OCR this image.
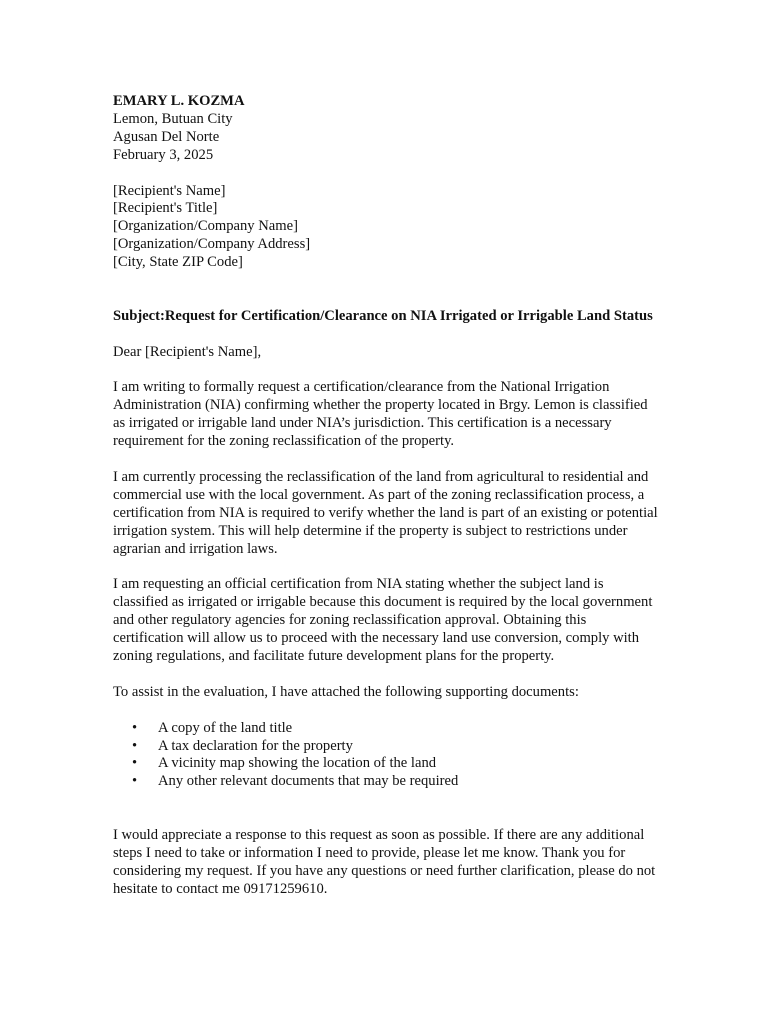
EMARY L. KOZMA
Lemon, Butuan City
Agusan Del Norte
February 3, 2025
[Recipient's Name]
[Recipient's Title]
[Organization/Company Name]
[Organization/Company Address]
[City, State ZIP Code]
Subject:Request for Certification/Clearance on NIA Irrigated or Irrigable Land Status
Dear [Recipient's Name],
I am writing to formally request a certification/clearance from the National Irrigation Administration (NIA) confirming whether the property located in Brgy. Lemon is classified as irrigated or irrigable land under NIA’s jurisdiction. This certification is a necessary requirement for the zoning reclassification of the property.
I am currently processing the reclassification of the land from agricultural to residential and commercial use with the local government. As part of the zoning reclassification process, a certification from NIA is required to verify whether the land is part of an existing or potential irrigation system. This will help determine if the property is subject to restrictions under agrarian and irrigation laws.
I am requesting an official certification from NIA stating whether the subject land is classified as irrigated or irrigable because this document is required by the local government and other regulatory agencies for zoning reclassification approval. Obtaining this certification will allow us to proceed with the necessary land use conversion, comply with zoning regulations, and facilitate future development plans for the property.
To assist in the evaluation, I have attached the following supporting documents:
• A copy of the land title
• A tax declaration for the property
• A vicinity map showing the location of the land
• Any other relevant documents that may be required
I would appreciate a response to this request as soon as possible. If there are any additional steps I need to take or information I need to provide, please let me know. Thank you for considering my request. If you have any questions or need further clarification, please do not hesitate to contact me 09171259610.
